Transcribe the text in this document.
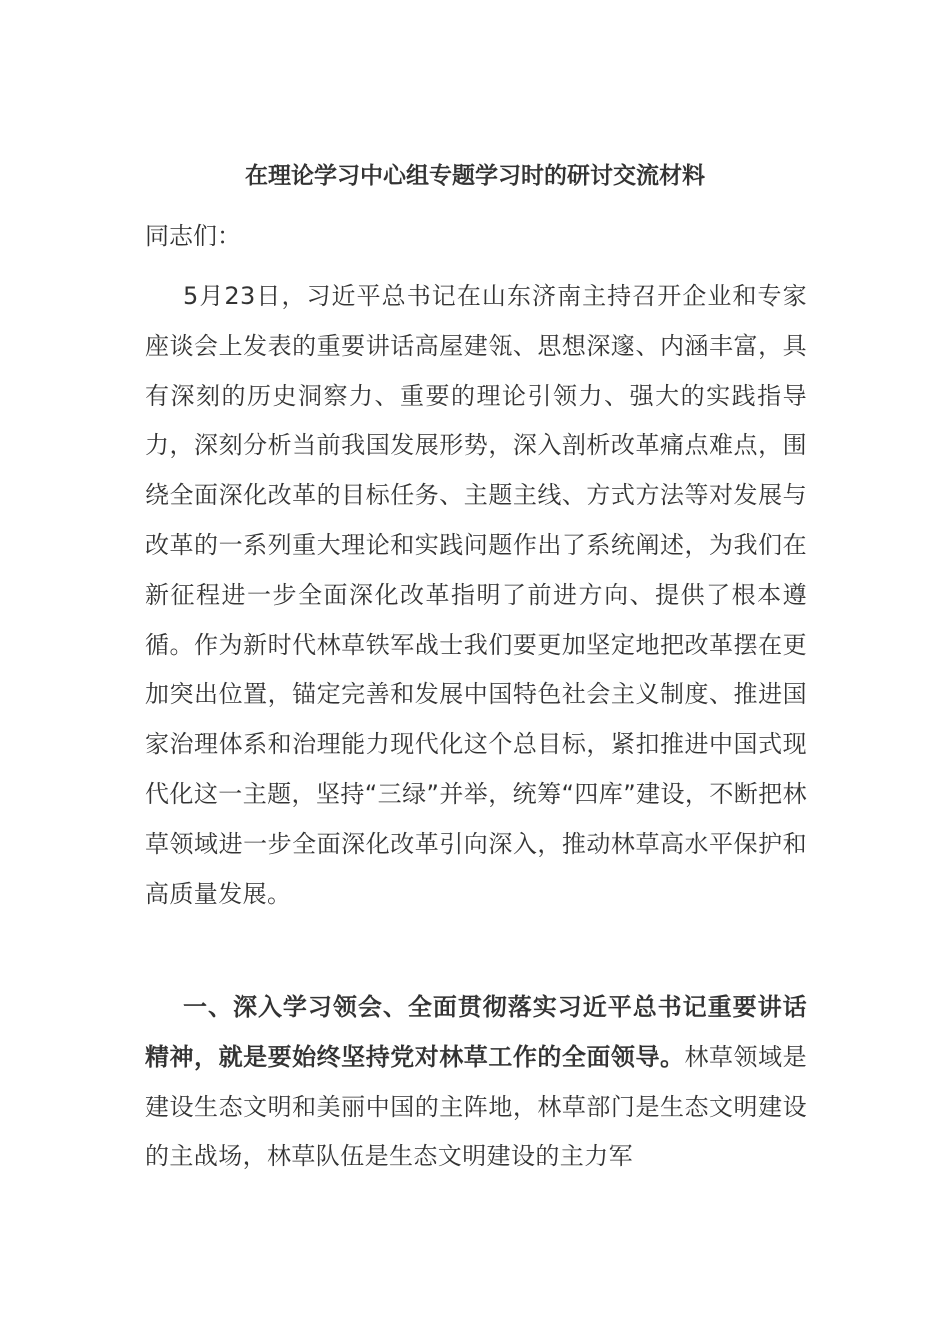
在理论学习中心组专题学习时的研讨交流材料

同志们：

5月23日，习近平总书记在山东济南主持召开企业和专家座谈会上发表的重要讲话高屋建瓴、思想深邃、内涵丰富，具有深刻的历史洞察力、重要的理论引领力、强大的实践指导力，深刻分析当前我国发展形势，深入剖析改革痛点难点，围绕全面深化改革的目标任务、主题主线、方式方法等对发展与改革的一系列重大理论和实践问题作出了系统阐述，为我们在新征程进一步全面深化改革指明了前进方向、提供了根本遵循。作为新时代林草铁军战士我们要更加坚定地把改革摆在更加突出位置，锚定完善和发展中国特色社会主义制度、推进国家治理体系和治理能力现代化这个总目标，紧扣推进中国式现代化这一主题，坚持“三绿”并举，统筹“四库”建设，不断把林草领域进一步全面深化改革引向深入，推动林草高水平保护和高质量发展。

一、深入学习领会、全面贯彻落实习近平总书记重要讲话精神，就是要始终坚持党对林草工作的全面领导。林草领域是建设生态文明和美丽中国的主阵地，林草部门是生态文明建设的主战场，林草队伍是生态文明建设的主力军
